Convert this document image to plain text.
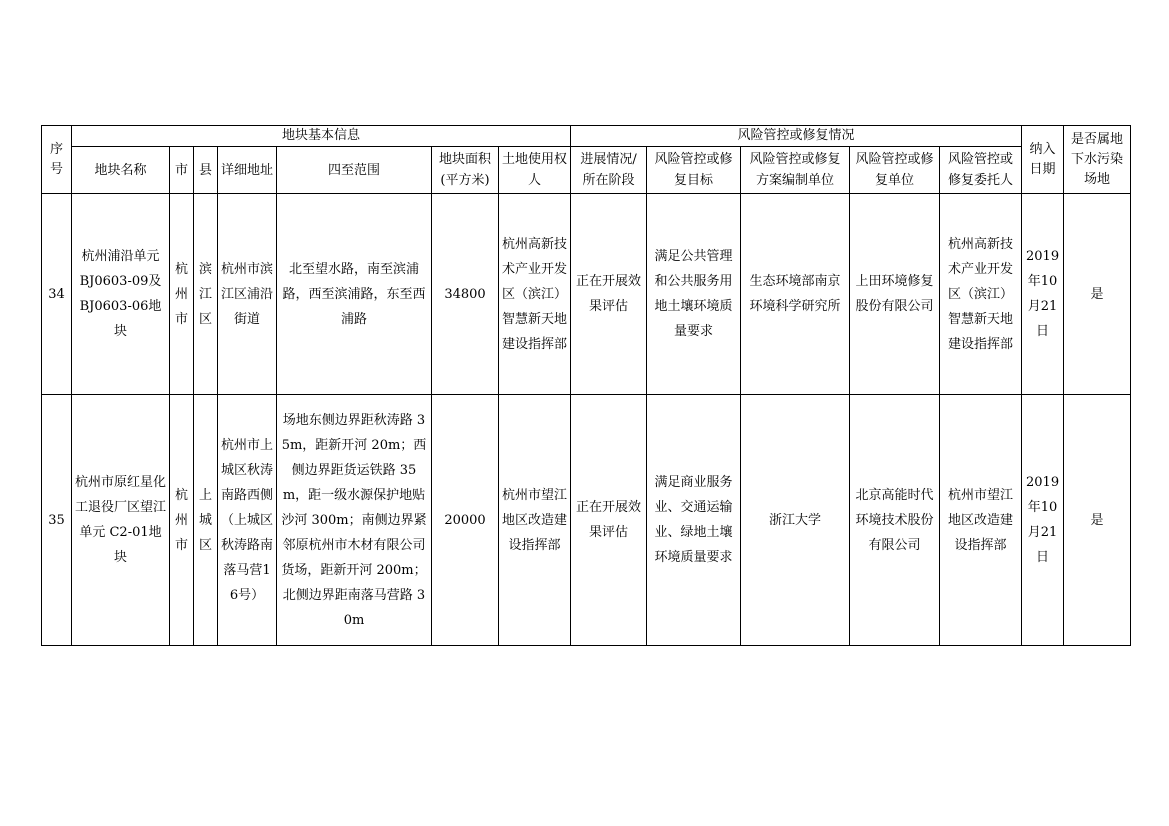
序号	地块基本信息							风险管控或修复情况					纳入日期	是否属地下水污染场地
	地块名称	市	县	详细地址	四至范围	地块面积(平方米)	土地使用权人	进展情况/所在阶段	风险管控或修复目标	风险管控或修复方案编制单位	风险管控或修复单位	风险管控或修复委托人		
34	杭州浦沿单元 BJ0603-09及 BJ0603-06地块	杭州市	滨江区	杭州市滨江区浦沿街道	北至望水路，南至滨浦路，西至滨浦路，东至西浦路	34800	杭州高新技术产业开发区（滨江）智慧新天地建设指挥部	正在开展效果评估	满足公共管理和公共服务用地土壤环境质量要求	生态环境部南京环境科学研究所	上田环境修复股份有限公司	杭州高新技术产业开发区（滨江）智慧新天地建设指挥部	2019年10月21日	是
35	杭州市原红星化工退役厂区望江单元 C2-01地块	杭州市	上城区	杭州市上城区秋涛南路西侧（上城区秋涛路南落马营16号）	场地东侧边界距秋涛路 35m，距新开河 20m；西侧边界距货运铁路 35m，距一级水源保护地贴沙河 300m；南侧边界紧邻原杭州市木材有限公司货场，距新开河 200m；北侧边界距南落马营路 30m	20000	杭州市望江地区改造建设指挥部	正在开展效果评估	满足商业服务业、交通运输业、绿地土壤环境质量要求	浙江大学	北京高能时代环境技术股份有限公司	杭州市望江地区改造建设指挥部	2019年10月21日	是
